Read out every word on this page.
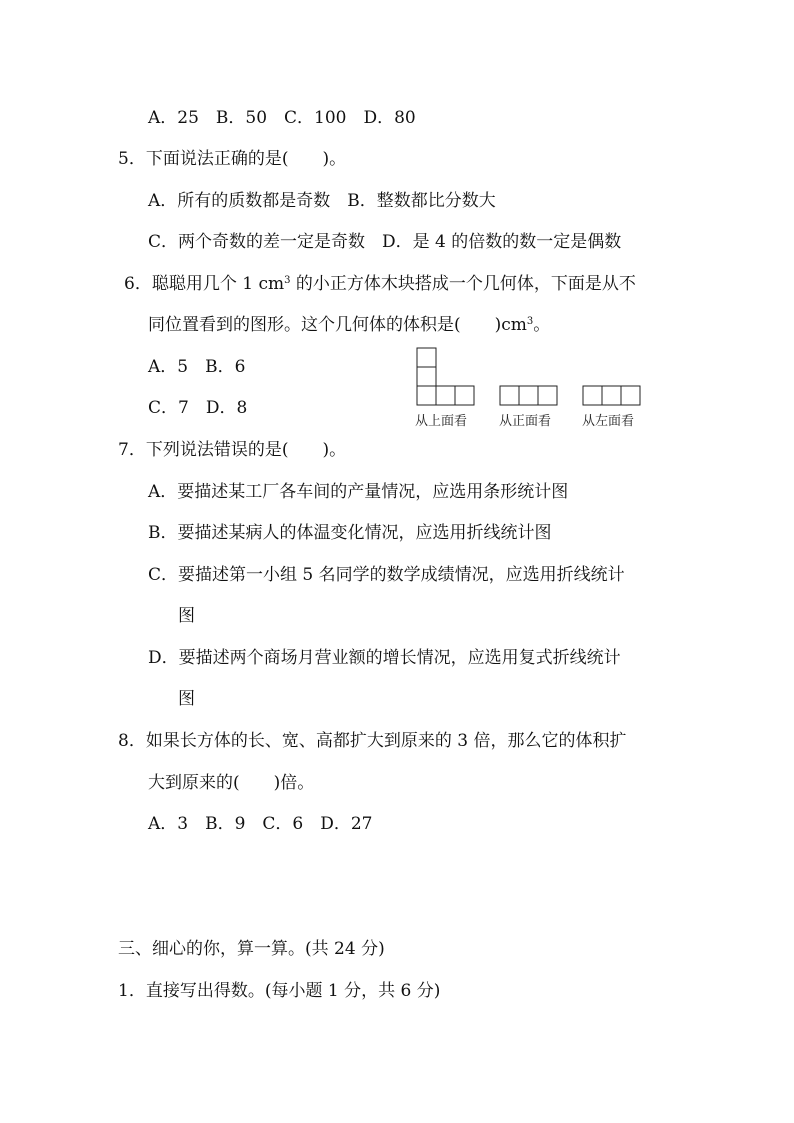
A．25　B．50　C．100　D．80
5．下面说法正确的是(　　)。
A．所有的质数都是奇数　B．整数都比分数大
C．两个奇数的差一定是奇数　D．是 4 的倍数的数一定是偶数
6．聪聪用几个 1 $cm^3$ 的小正方体木块搭成一个几何体，下面是从不
同位置看到的图形。这个几何体的体积是(　　)$cm^3$。
A．5　B．6
C．7　D．8
从上面看 从正面看 从左面看
7．下列说法错误的是(　　)。
A．要描述某工厂各车间的产量情况，应选用条形统计图
B．要描述某病人的体温变化情况，应选用折线统计图
C．要描述第一小组 5 名同学的数学成绩情况，应选用折线统计
图
D．要描述两个商场月营业额的增长情况，应选用复式折线统计
图
8．如果长方体的长、宽、高都扩大到原来的 3 倍，那么它的体积扩
大到原来的(　　)倍。
A．3　B．9　C．6　D．27
三、细心的你，算一算。(共 24 分)
1．直接写出得数。(每小题 1 分，共 6 分)
